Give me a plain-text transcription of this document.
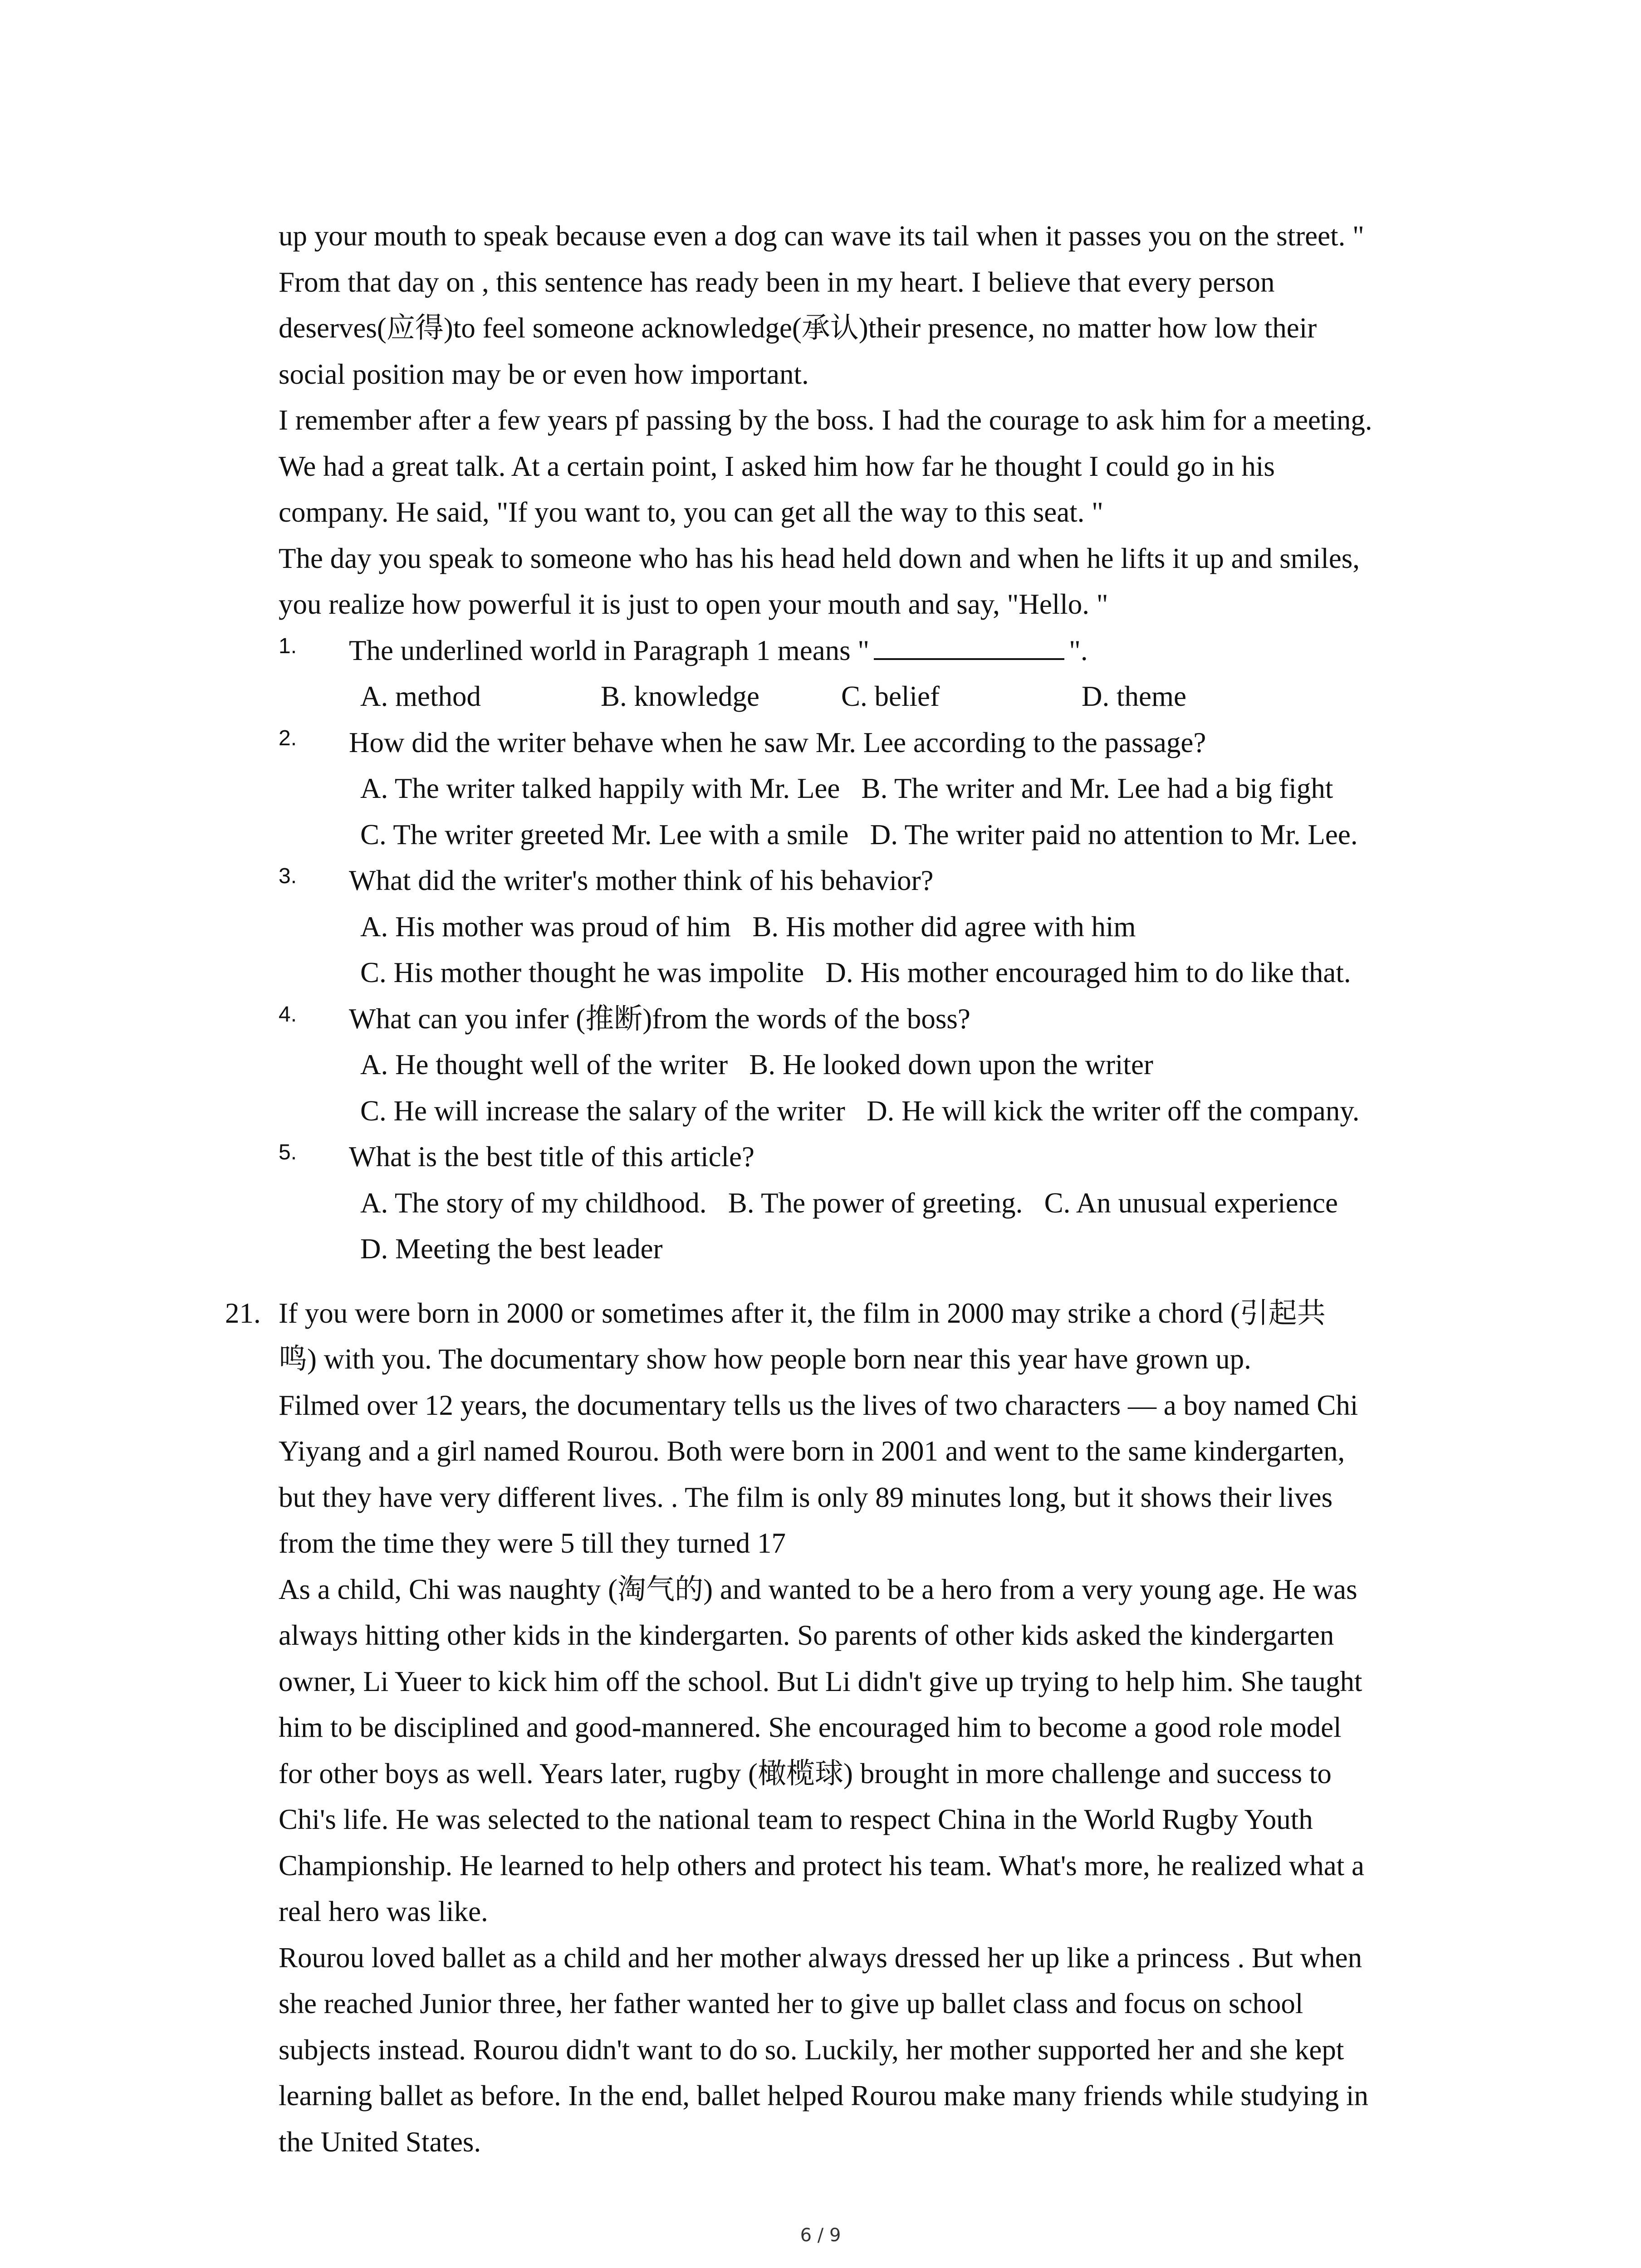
up your mouth to speak because even a dog can wave its tail when it passes you on the street. "
From that day on , this sentence has ready been in my heart. I believe that every person
deserves(应得)to feel someone acknowledge(承认)their presence, no matter how low their
social position may be or even how important.
I remember after a few years pf passing by the boss. I had the courage to ask him for a meeting.
We had a great talk. At a certain point, I asked him how far he thought I could go in his
company. He said, "If you want to, you can get all the way to this seat. "
The day you speak to someone who has his head held down and when he lifts it up and smiles,
you realize how powerful it is just to open your mouth and say, "Hello. "
1. The underlined world in Paragraph 1 means "	".
A. method	B. knowledge	C. belief	D. theme
2. How did the writer behave when he saw Mr. Lee according to the passage?
A. The writer talked happily with Mr. Lee   B. The writer and Mr. Lee had a big fight
C. The writer greeted Mr. Lee with a smile   D. The writer paid no attention to Mr. Lee.
3. What did the writer's mother think of his behavior?
A. His mother was proud of him   B. His mother did agree with him
C. His mother thought he was impolite   D. His mother encouraged him to do like that.
4. What can you infer (推断)from the words of the boss?
A. He thought well of the writer   B. He looked down upon the writer
C. He will increase the salary of the writer   D. He will kick the writer off the company.
5. What is the best title of this article?
A. The story of my childhood.   B. The power of greeting.   C. An unusual experience
D. Meeting the best leader
21. If you were born in 2000 or sometimes after it, the film in 2000 may strike a chord (引起共
鸣) with you. The documentary show how people born near this year have grown up.
Filmed over 12 years, the documentary tells us the lives of two characters — a boy named Chi
Yiyang and a girl named Rourou. Both were born in 2001 and went to the same kindergarten,
but they have very different lives. . The film is only 89 minutes long, but it shows their lives
from the time they were 5 till they turned 17
As a child, Chi was naughty (淘气的) and wanted to be a hero from a very young age. He was
always hitting other kids in the kindergarten. So parents of other kids asked the kindergarten
owner, Li Yueer to kick him off the school. But Li didn't give up trying to help him. She taught
him to be disciplined and good-mannered. She encouraged him to become a good role model
for other boys as well. Years later, rugby (橄榄球) brought in more challenge and success to
Chi's life. He was selected to the national team to respect China in the World Rugby Youth
Championship. He learned to help others and protect his team. What's more, he realized what a
real hero was like.
Rourou loved ballet as a child and her mother always dressed her up like a princess . But when
she reached Junior three, her father wanted her to give up ballet class and focus on school
subjects instead. Rourou didn't want to do so. Luckily, her mother supported her and she kept
learning ballet as before. In the end, ballet helped Rourou make many friends while studying in
the United States.
6 / 9
